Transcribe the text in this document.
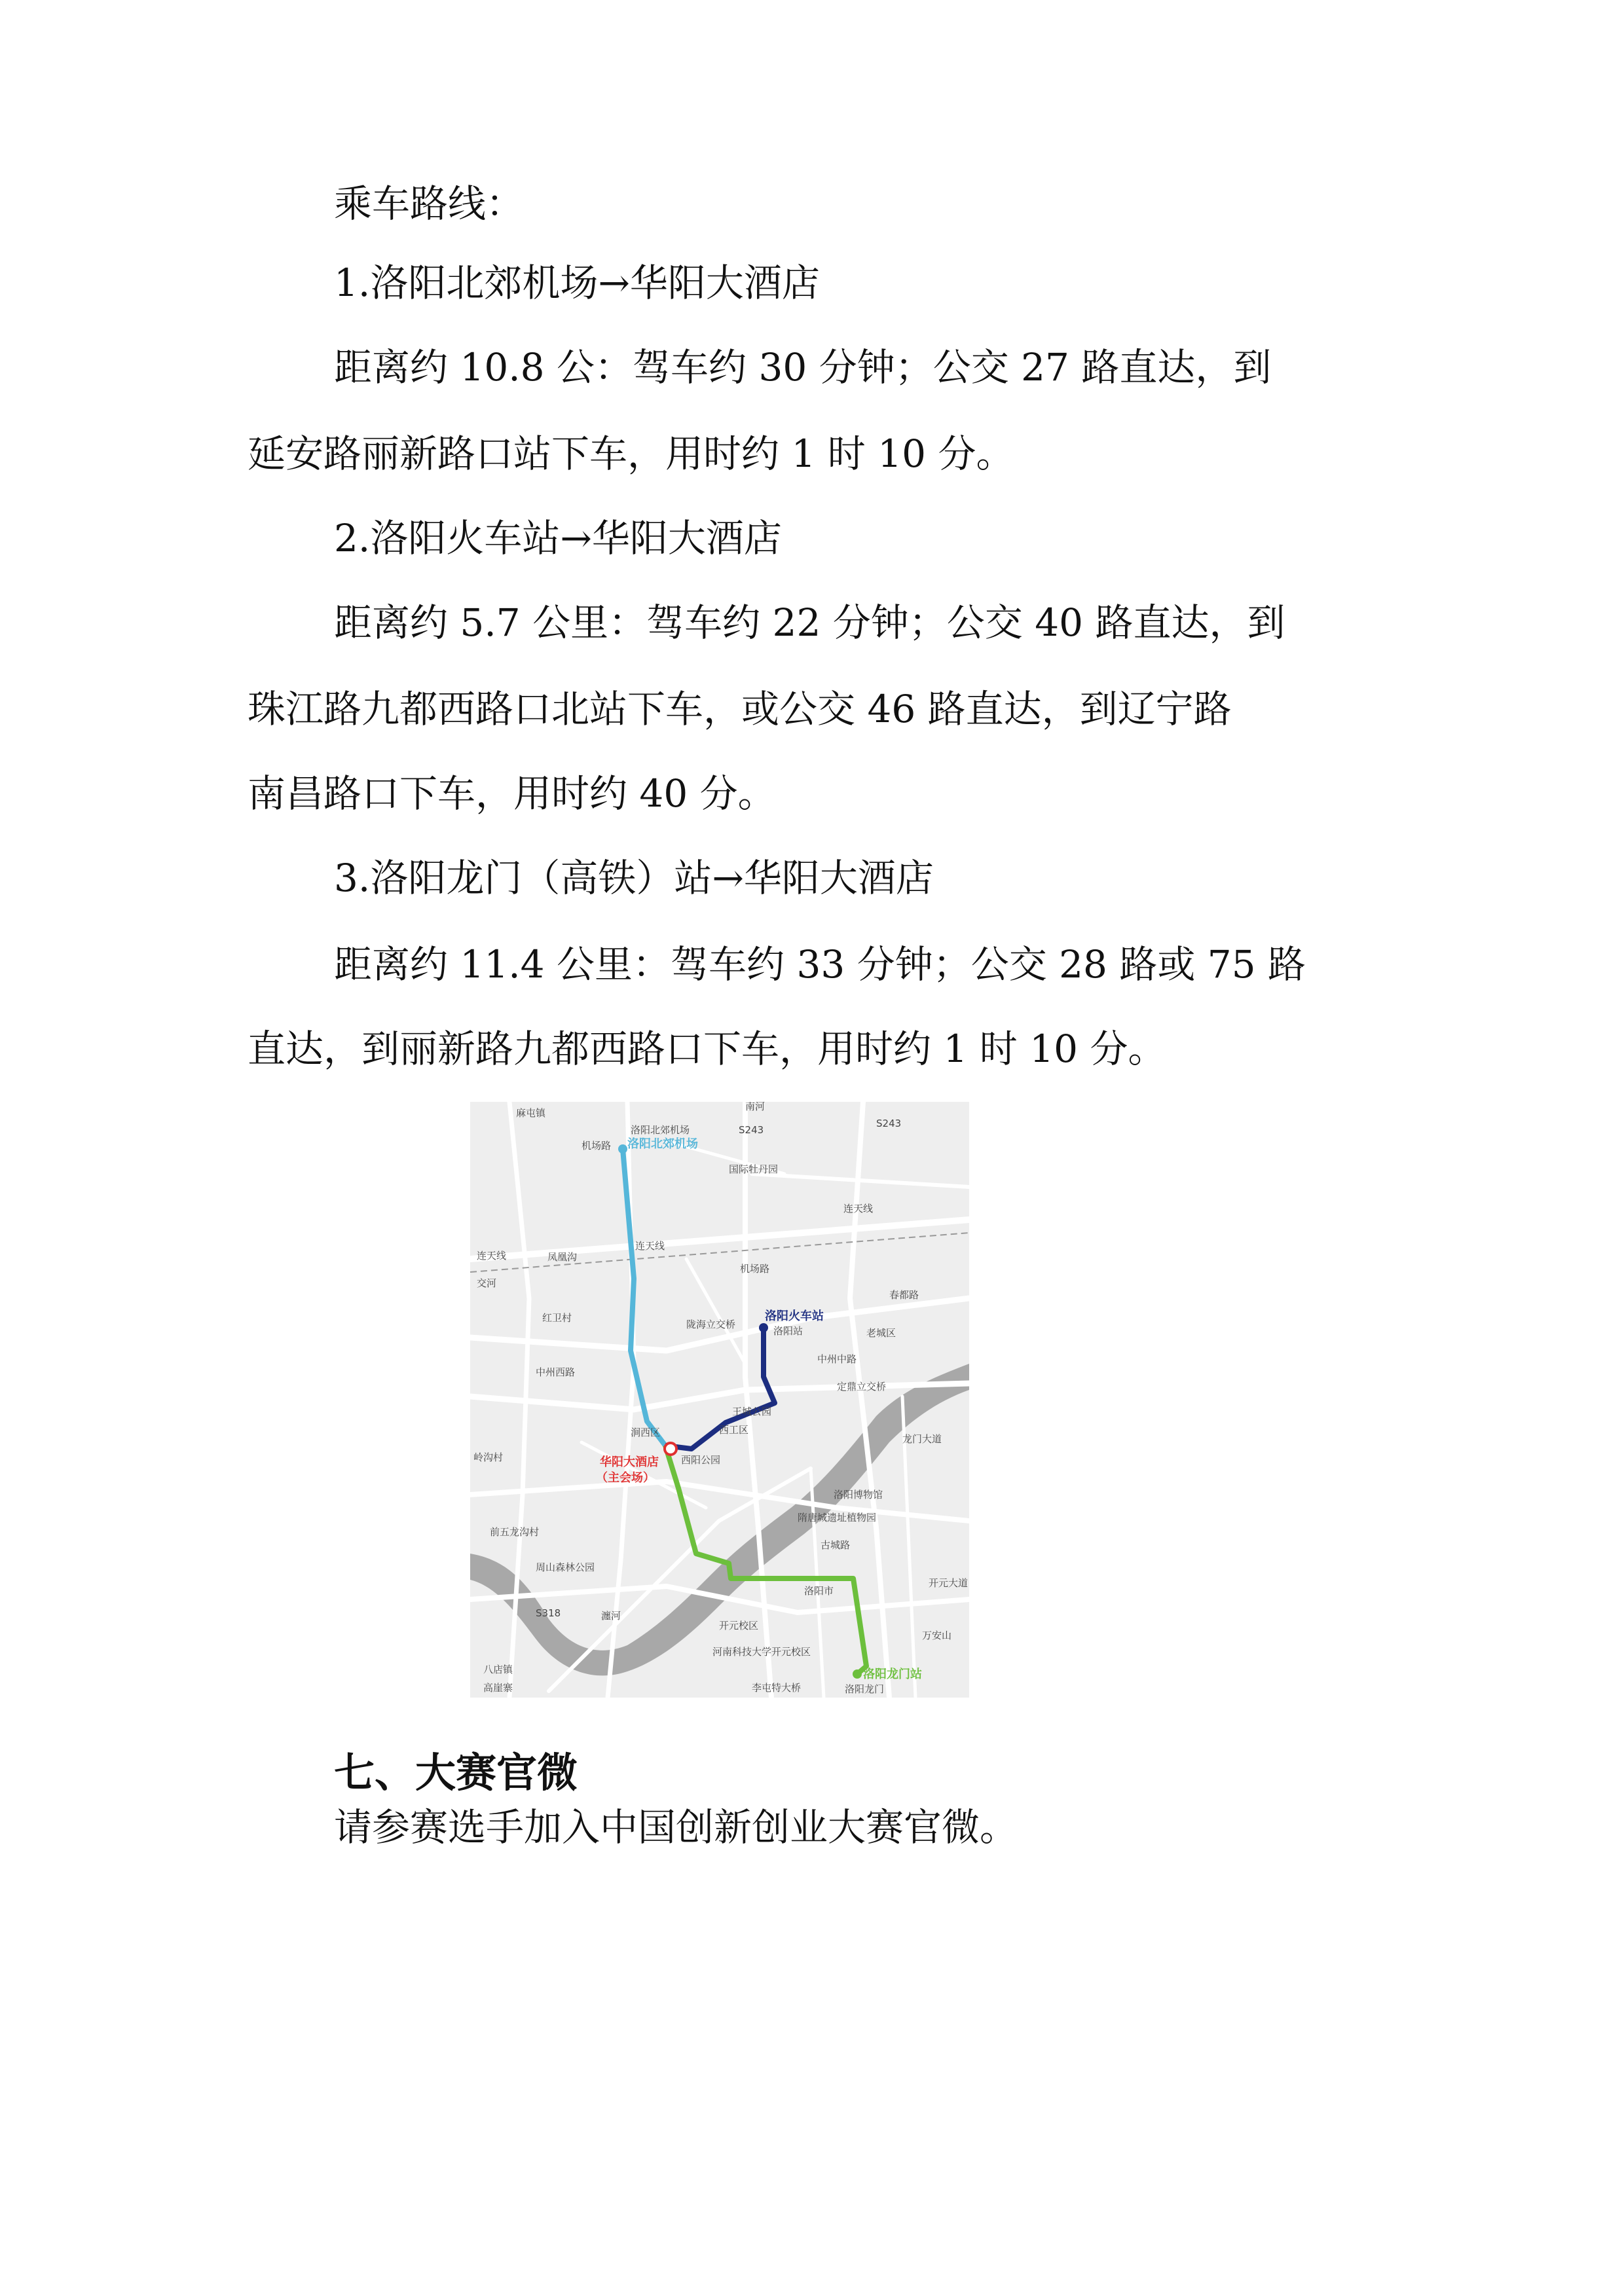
乘车路线：
1.洛阳北郊机场→华阳大酒店
距离约 10.8 公：驾车约 30 分钟；公交 27 路直达，到
延安路丽新路口站下车，用时约 1 时 10 分。
2.洛阳火车站→华阳大酒店
距离约 5.7 公里：驾车约 22 分钟；公交 40 路直达，到
珠江路九都西路口北站下车，或公交 46 路直达，到辽宁路
南昌路口下车，用时约 40 分。
3.洛阳龙门（高铁）站→华阳大酒店
距离约 11.4 公里：驾车约 33 分钟；公交 28 路或 75 路
直达，到丽新路九都西路口下车，用时约 1 时 10 分。
洛阳北郊机场
洛阳火车站
华阳大酒店
（主会场）
洛阳龙门站
麻屯镇
洛阳北郊机场
机场路
国际牡丹园
连天线
连天线
连天线	凤凰沟
交河
红卫村
机场路
陇海立交桥
洛阳站	老城区
中州西路
中州中路
定鼎立交桥
涧西区
王城公园
西工区
西阳公园
洛阳博物馆
隋唐城遗址植物园
古城路
洛阳市
开元校区
河南科技大学开元校区
李屯特大桥	洛阳龙门
周山森林公园
岭沟村
前五龙沟村
S318
S243
S243
南河
春都路
开元大道
龙门大道
八店镇
高崖寨
瀍河
万安山
七、大赛官微
请参赛选手加入中国创新创业大赛官微。
